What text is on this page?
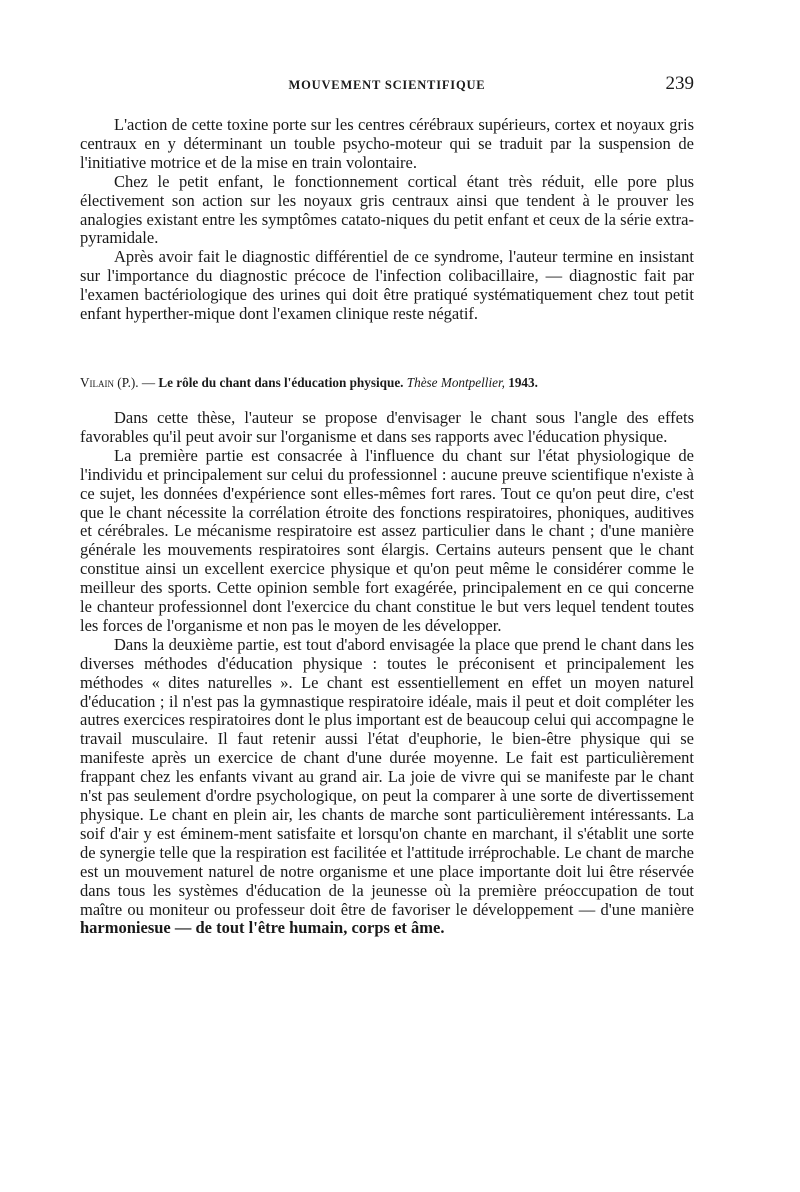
MOUVEMENT SCIENTIFIQUE	239

L'action de cette toxine porte sur les centres cérébraux supérieurs, cortex et noyaux gris centraux en y déterminant un touble psycho-moteur qui se traduit par la suspension de l'initiative motrice et de la mise en train volontaire.

Chez le petit enfant, le fonctionnement cortical étant très réduit, elle pore plus électivement son action sur les noyaux gris centraux ainsi que tendent à le prouver les analogies existant entre les symptômes catato-niques du petit enfant et ceux de la série extra-pyramidale.

Après avoir fait le diagnostic différentiel de ce syndrome, l'auteur termine en insistant sur l'importance du diagnostic précoce de l'infection colibacillaire, — diagnostic fait par l'examen bactériologique des urines qui doit être pratiqué systématiquement chez tout petit enfant hyperther-mique dont l'examen clinique reste négatif.

Vilain (P.). — Le rôle du chant dans l'éducation physique. Thèse Montpellier, 1943.

Dans cette thèse, l'auteur se propose d'envisager le chant sous l'angle des effets favorables qu'il peut avoir sur l'organisme et dans ses rapports avec l'éducation physique.

La première partie est consacrée à l'influence du chant sur l'état physiologique de l'individu et principalement sur celui du professionnel : aucune preuve scientifique n'existe à ce sujet, les données d'expérience sont elles-mêmes fort rares. Tout ce qu'on peut dire, c'est que le chant nécessite la corrélation étroite des fonctions respiratoires, phoniques, auditives et cérébrales. Le mécanisme respiratoire est assez particulier dans le chant ; d'une manière générale les mouvements respiratoires sont élargis. Certains auteurs pensent que le chant constitue ainsi un excellent exercice physique et qu'on peut même le considérer comme le meilleur des sports. Cette opinion semble fort exagérée, principalement en ce qui concerne le chanteur professionnel dont l'exercice du chant constitue le but vers lequel tendent toutes les forces de l'organisme et non pas le moyen de les développer.

Dans la deuxième partie, est tout d'abord envisagée la place que prend le chant dans les diverses méthodes d'éducation physique : toutes le préconisent et principalement les méthodes « dites naturelles ». Le chant est essentiellement en effet un moyen naturel d'éducation ; il n'est pas la gymnastique respiratoire idéale, mais il peut et doit compléter les autres exercices respiratoires dont le plus important est de beaucoup celui qui accompagne le travail musculaire. Il faut retenir aussi l'état d'euphorie, le bien-être physique qui se manifeste après un exercice de chant d'une durée moyenne. Le fait est particulièrement frappant chez les enfants vivant au grand air. La joie de vivre qui se manifeste par le chant n'st pas seulement d'ordre psychologique, on peut la comparer à une sorte de divertissement physique. Le chant en plein air, les chants de marche sont particulièrement intéressants. La soif d'air y est éminem-ment satisfaite et lorsqu'on chante en marchant, il s'établit une sorte de synergie telle que la respiration est facilitée et l'attitude irréprochable. Le chant de marche est un mouvement naturel de notre organisme et une place importante doit lui être réservée dans tous les systèmes d'éducation de la jeunesse où la première préoccupation de tout maître ou moniteur ou professeur doit être de favoriser le développement — d'une manière harmoniesue — de tout l'être humain, corps et âme.
